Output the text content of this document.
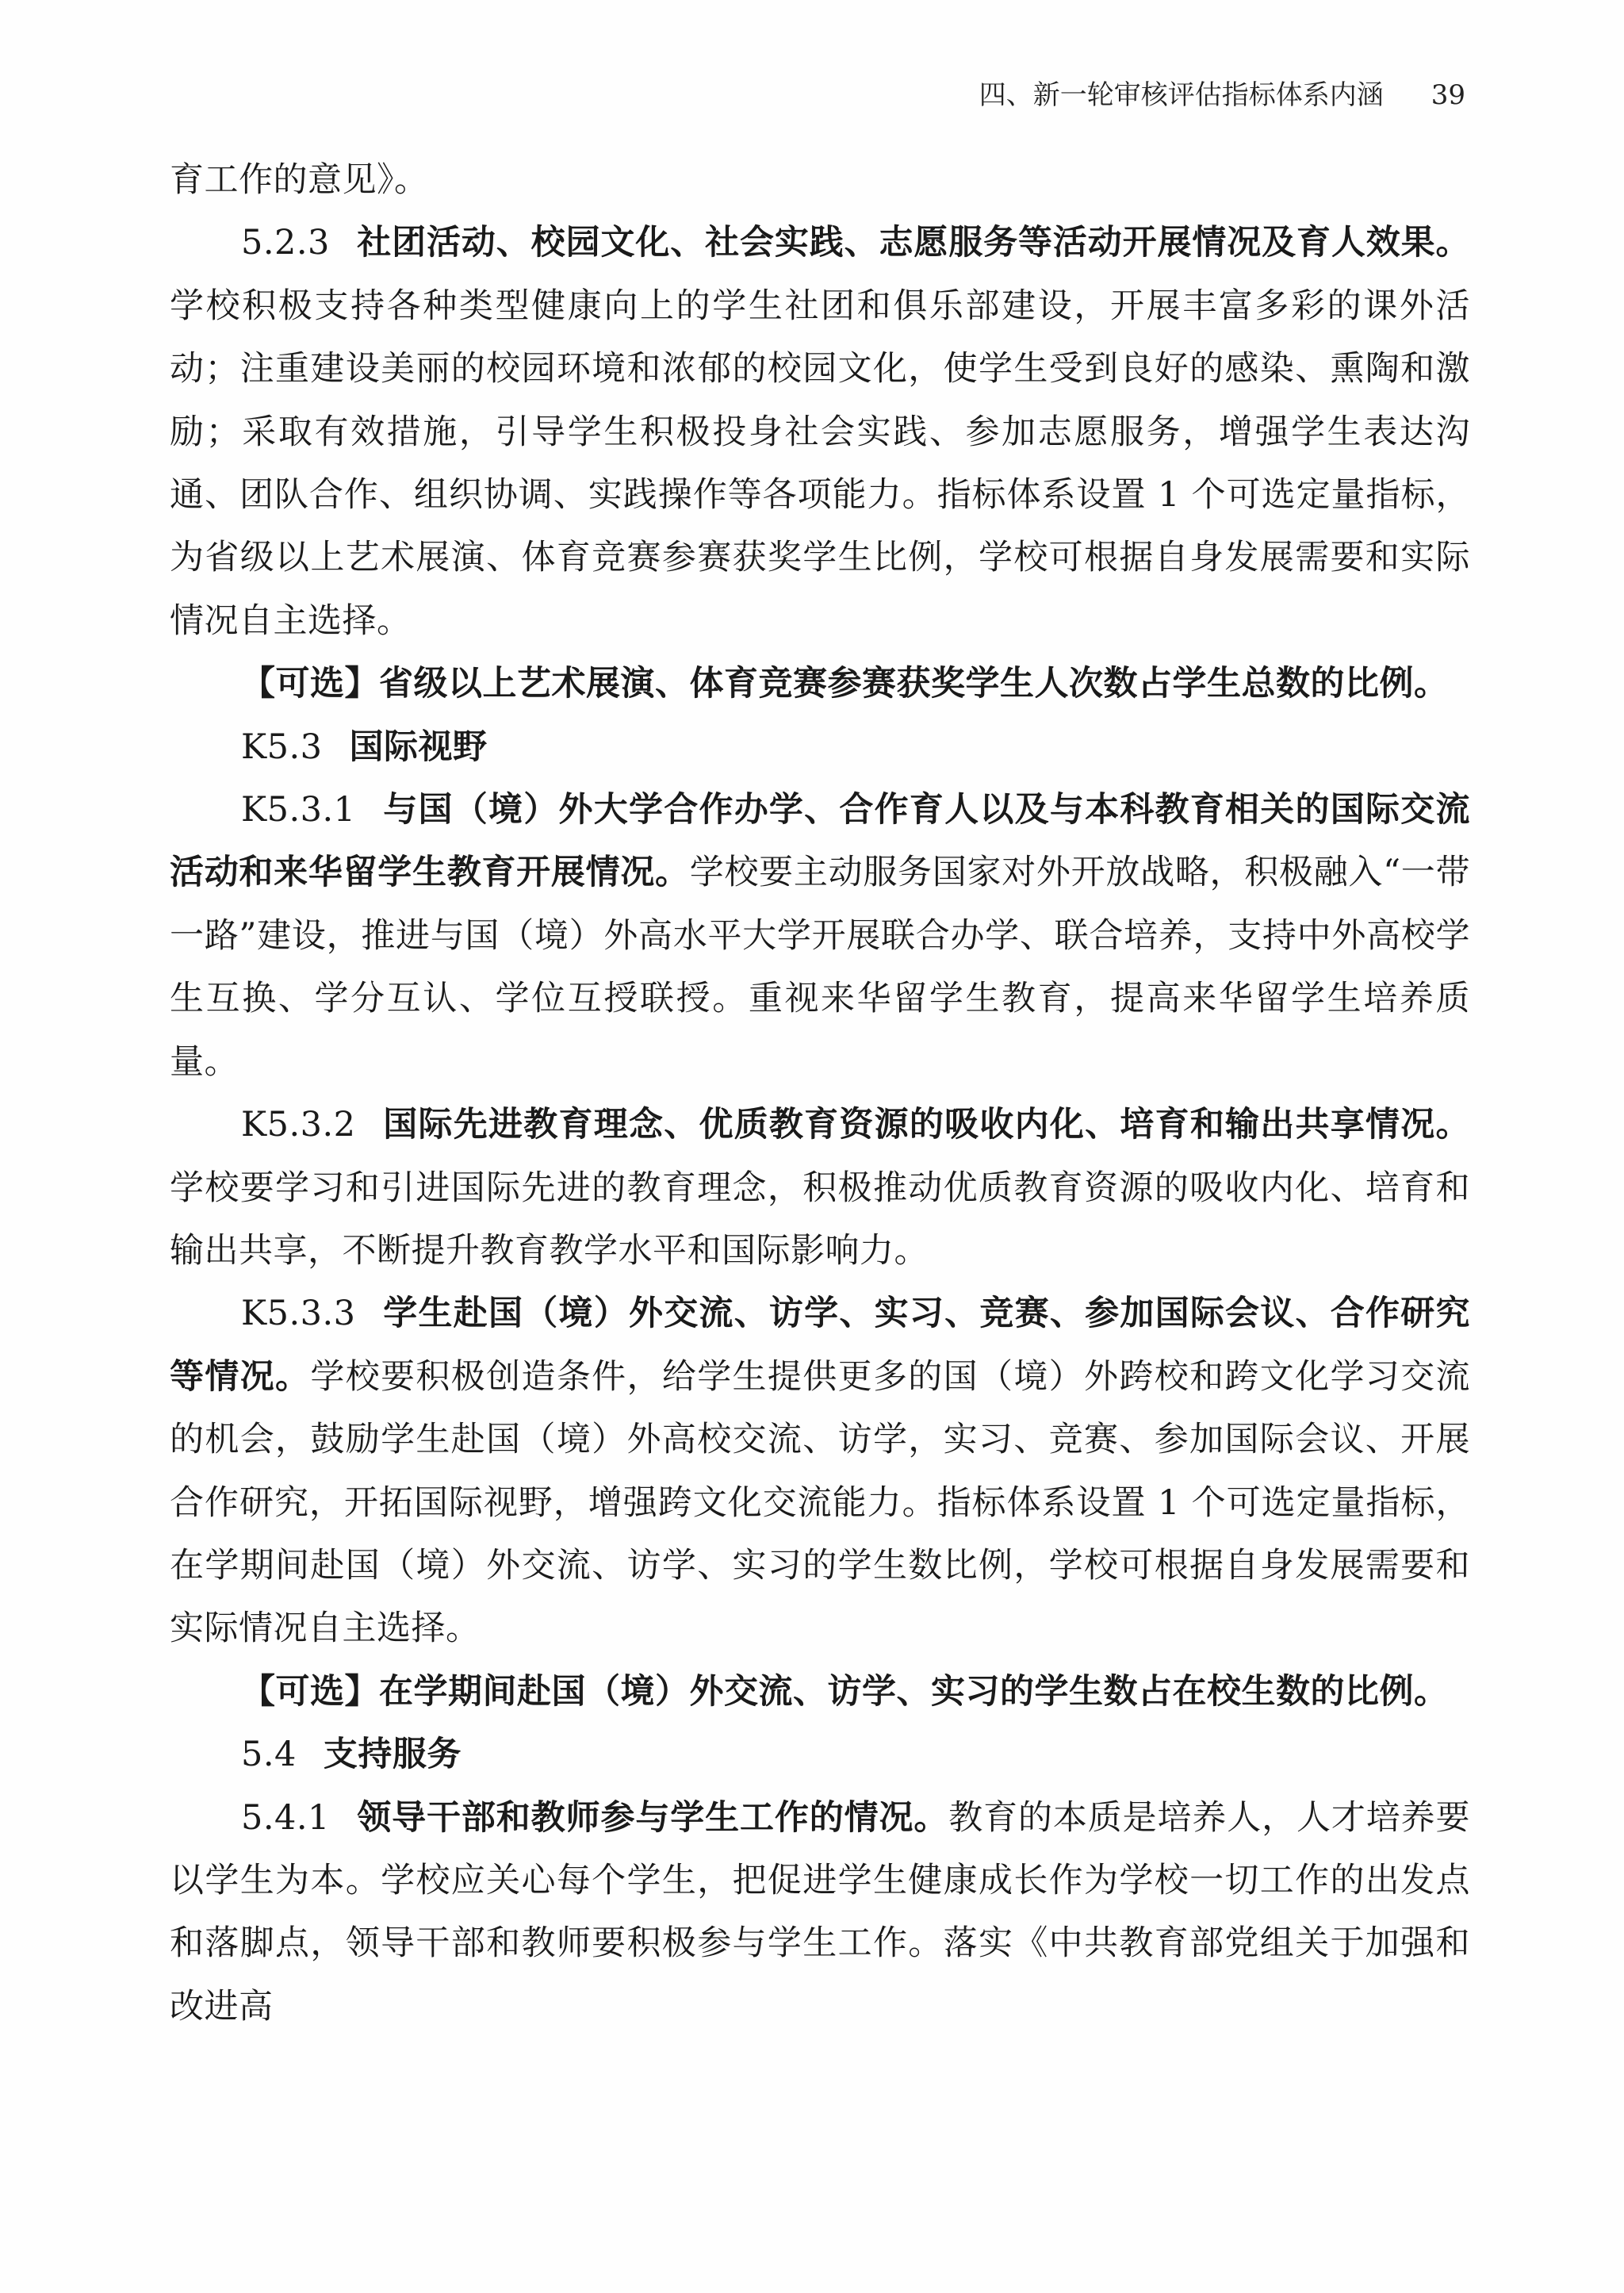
四、新一轮审核评估指标体系内涵 39

育工作的意见》。

5.2.3 社团活动、校园文化、社会实践、志愿服务等活动开展情况及育人效果。学校积极支持各种类型健康向上的学生社团和俱乐部建设，开展丰富多彩的课外活动；注重建设美丽的校园环境和浓郁的校园文化，使学生受到良好的感染、熏陶和激励；采取有效措施，引导学生积极投身社会实践、参加志愿服务，增强学生表达沟通、团队合作、组织协调、实践操作等各项能力。指标体系设置 1 个可选定量指标，为省级以上艺术展演、体育竞赛参赛获奖学生比例，学校可根据自身发展需要和实际情况自主选择。

【可选】省级以上艺术展演、体育竞赛参赛获奖学生人次数占学生总数的比例。

K5.3 国际视野

K5.3.1 与国（境）外大学合作办学、合作育人以及与本科教育相关的国际交流活动和来华留学生教育开展情况。学校要主动服务国家对外开放战略，积极融入“一带一路”建设，推进与国（境）外高水平大学开展联合办学、联合培养，支持中外高校学生互换、学分互认、学位互授联授。重视来华留学生教育，提高来华留学生培养质量。

K5.3.2 国际先进教育理念、优质教育资源的吸收内化、培育和输出共享情况。学校要学习和引进国际先进的教育理念，积极推动优质教育资源的吸收内化、培育和输出共享，不断提升教育教学水平和国际影响力。

K5.3.3 学生赴国（境）外交流、访学、实习、竞赛、参加国际会议、合作研究等情况。学校要积极创造条件，给学生提供更多的国（境）外跨校和跨文化学习交流的机会，鼓励学生赴国（境）外高校交流、访学，实习、竞赛、参加国际会议、开展合作研究，开拓国际视野，增强跨文化交流能力。指标体系设置 1 个可选定量指标，在学期间赴国（境）外交流、访学、实习的学生数比例，学校可根据自身发展需要和实际情况自主选择。

【可选】在学期间赴国（境）外交流、访学、实习的学生数占在校生数的比例。

5.4 支持服务

5.4.1 领导干部和教师参与学生工作的情况。教育的本质是培养人，人才培养要以学生为本。学校应关心每个学生，把促进学生健康成长作为学校一切工作的出发点和落脚点，领导干部和教师要积极参与学生工作。落实《中共教育部党组关于加强和改进高
